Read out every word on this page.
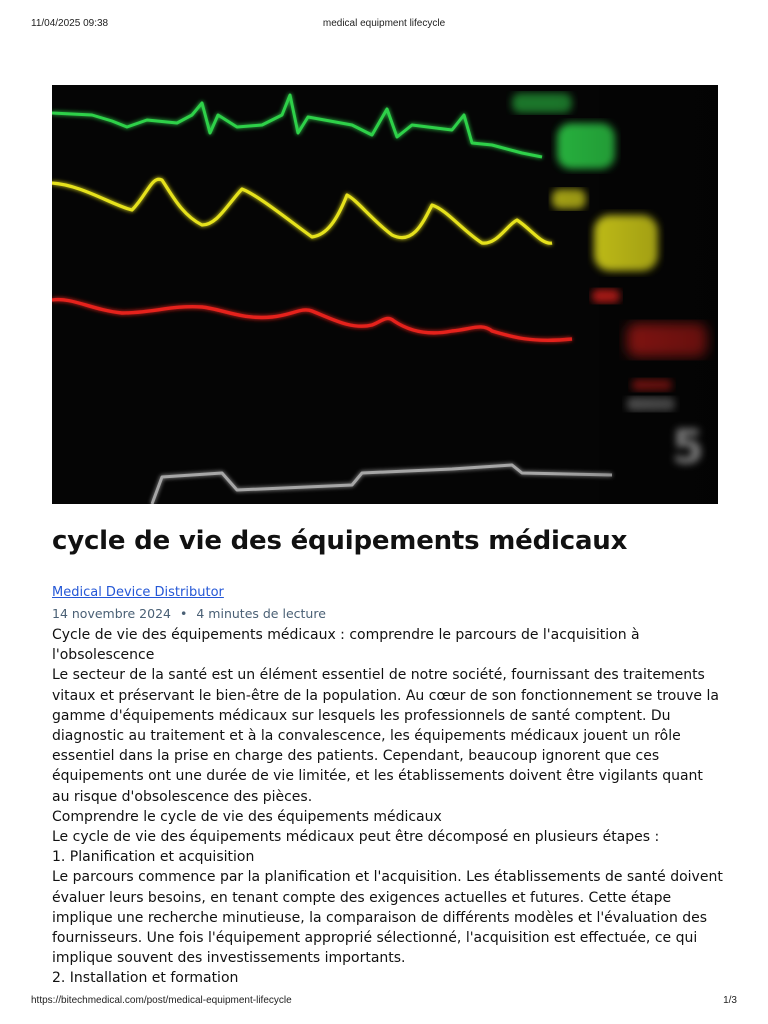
11/04/2025 09:38	medical equipment lifecycle
cycle de vie des équipements médicaux
Medical Device Distributor
14 novembre 2024 • 4 minutes de lecture

Cycle de vie des équipements médicaux : comprendre le parcours de l'acquisition à l'obsolescence

Le secteur de la santé est un élément essentiel de notre société, fournissant des traitements vitaux et préservant le bien-être de la population. Au cœur de son fonctionnement se trouve la gamme d'équipements médicaux sur lesquels les professionnels de santé comptent. Du diagnostic au traitement et à la convalescence, les équipements médicaux jouent un rôle essentiel dans la prise en charge des patients. Cependant, beaucoup ignorent que ces équipements ont une durée de vie limitée, et les établissements doivent être vigilants quant au risque d'obsolescence des pièces.

Comprendre le cycle de vie des équipements médicaux

Le cycle de vie des équipements médicaux peut être décomposé en plusieurs étapes :

1. Planification et acquisition

Le parcours commence par la planification et l'acquisition. Les établissements de santé doivent évaluer leurs besoins, en tenant compte des exigences actuelles et futures. Cette étape implique une recherche minutieuse, la comparaison de différents modèles et l'évaluation des fournisseurs. Une fois l'équipement approprié sélectionné, l'acquisition est effectuée, ce qui implique souvent des investissements importants.

2. Installation et formation

https://bitechmedical.com/post/medical-equipment-lifecycle	1/3
